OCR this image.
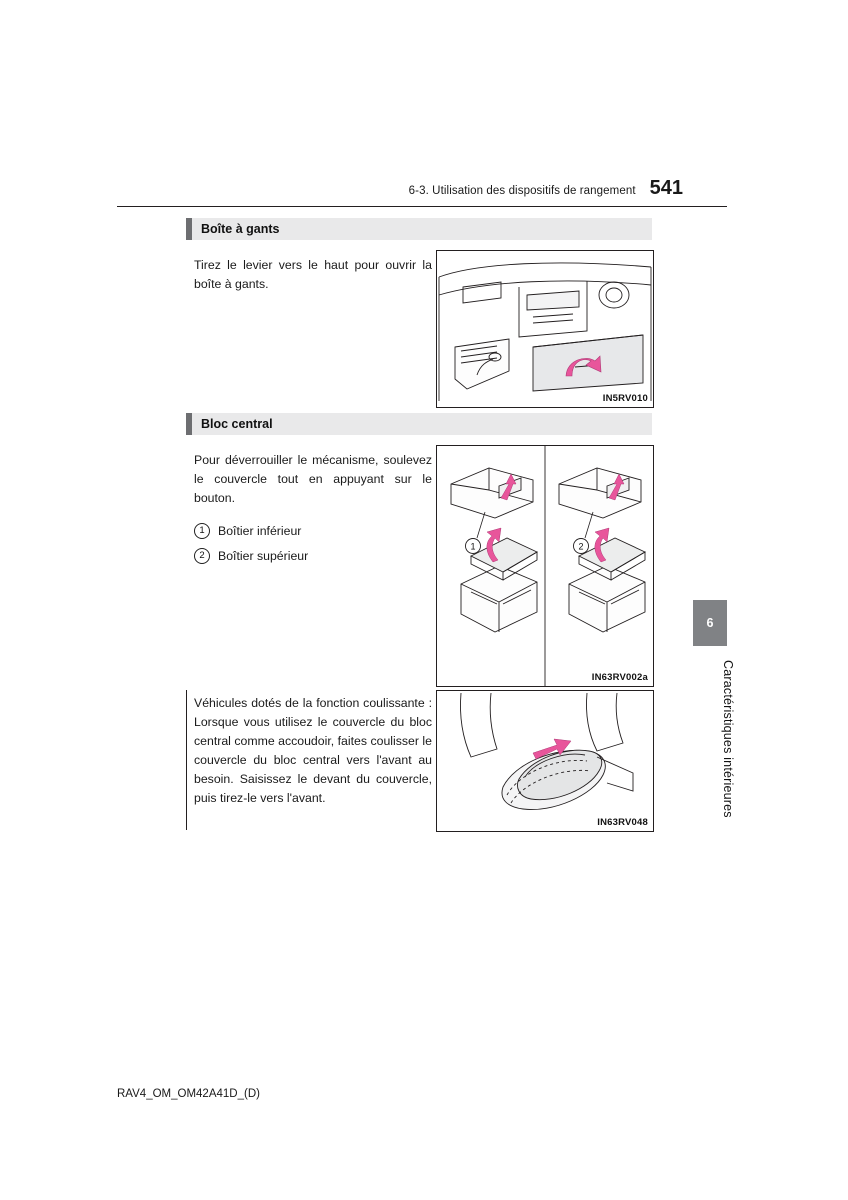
6-3. Utilisation des dispositifs de rangement 541
Boîte à gants
Tirez le levier vers le haut pour ouvrir la boîte à gants.
IN5RV010
Bloc central
Pour déverrouiller le mécanisme, soulevez le couvercle tout en appuyant sur le bouton.
1	Boîtier inférieur
2	Boîtier supérieur
1	2
IN63RV002a
Véhicules dotés de la fonction coulissante : Lorsque vous utilisez le couvercle du bloc central comme accoudoir, faites coulisser le couvercle du bloc central vers l'avant au besoin. Saisissez le devant du couvercle, puis tirez-le vers l'avant.
IN63RV048
6
Caractéristiques intérieures
RAV4_OM_OM42A41D_(D)
